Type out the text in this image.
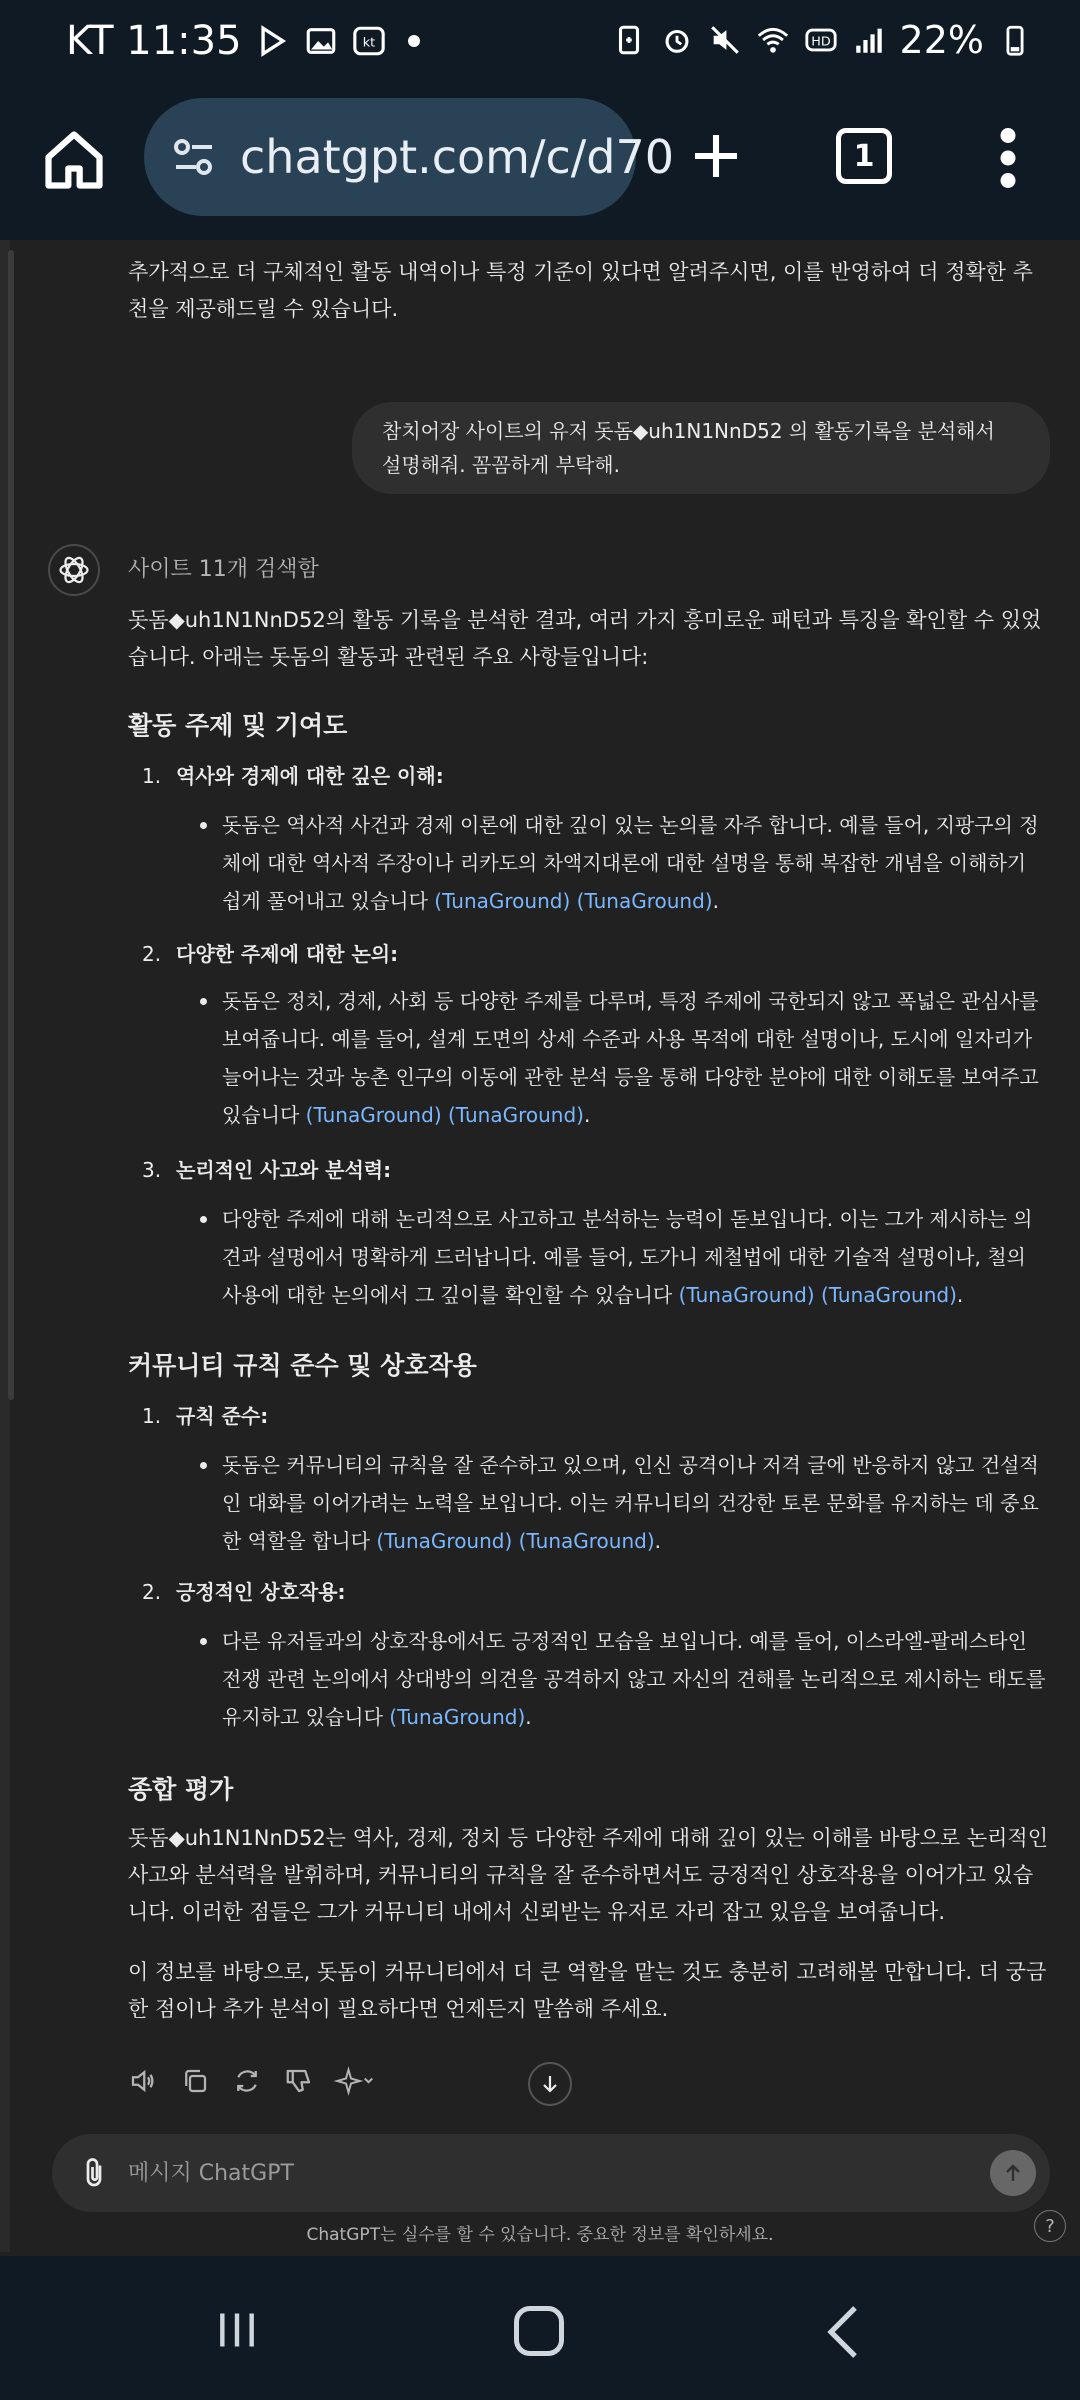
KT 11:35	kt	HD 22%
chatgpt.com/c/d70	1
추가적으로 더 구체적인 활동 내역이나 특정 기준이 있다면 알려주시면, 이를 반영하여 더 정확한 추천을 제공해드릴 수 있습니다.
참치어장 사이트의 유저 돗돔◆uh1N1NnD52 의 활동기록을 분석해서 설명해줘. 꼼꼼하게 부탁해.
사이트 11개 검색함
돗돔◆uh1N1NnD52의 활동 기록을 분석한 결과, 여러 가지 흥미로운 패턴과 특징을 확인할 수 있었습니다. 아래는 돗돔의 활동과 관련된 주요 사항들입니다:
활동 주제 및 기여도
1. 역사와 경제에 대한 깊은 이해:
돗돔은 역사적 사건과 경제 이론에 대한 깊이 있는 논의를 자주 합니다. 예를 들어, 지팡구의 정체에 대한 역사적 주장이나 리카도의 차액지대론에 대한 설명을 통해 복잡한 개념을 이해하기 쉽게 풀어내고 있습니다 (TunaGround) (TunaGround).
2. 다양한 주제에 대한 논의:
돗돔은 정치, 경제, 사회 등 다양한 주제를 다루며, 특정 주제에 국한되지 않고 폭넓은 관심사를 보여줍니다. 예를 들어, 설계 도면의 상세 수준과 사용 목적에 대한 설명이나, 도시에 일자리가 늘어나는 것과 농촌 인구의 이동에 관한 분석 등을 통해 다양한 분야에 대한 이해도를 보여주고 있습니다 (TunaGround) (TunaGround).
3. 논리적인 사고와 분석력:
다양한 주제에 대해 논리적으로 사고하고 분석하는 능력이 돋보입니다. 이는 그가 제시하는 의견과 설명에서 명확하게 드러납니다. 예를 들어, 도가니 제철법에 대한 기술적 설명이나, 철의 사용에 대한 논의에서 그 깊이를 확인할 수 있습니다 (TunaGround) (TunaGround).
커뮤니티 규칙 준수 및 상호작용
1. 규칙 준수:
돗돔은 커뮤니티의 규칙을 잘 준수하고 있으며, 인신 공격이나 저격 글에 반응하지 않고 건설적인 대화를 이어가려는 노력을 보입니다. 이는 커뮤니티의 건강한 토론 문화를 유지하는 데 중요한 역할을 합니다 (TunaGround) (TunaGround).
2. 긍정적인 상호작용:
다른 유저들과의 상호작용에서도 긍정적인 모습을 보입니다. 예를 들어, 이스라엘-팔레스타인 전쟁 관련 논의에서 상대방의 의견을 공격하지 않고 자신의 견해를 논리적으로 제시하는 태도를 유지하고 있습니다 (TunaGround).
종합 평가
돗돔◆uh1N1NnD52는 역사, 경제, 정치 등 다양한 주제에 대해 깊이 있는 이해를 바탕으로 논리적인 사고와 분석력을 발휘하며, 커뮤니티의 규칙을 잘 준수하면서도 긍정적인 상호작용을 이어가고 있습니다. 이러한 점들은 그가 커뮤니티 내에서 신뢰받는 유저로 자리 잡고 있음을 보여줍니다.
이 정보를 바탕으로, 돗돔이 커뮤니티에서 더 큰 역할을 맡는 것도 충분히 고려해볼 만합니다. 더 궁금한 점이나 추가 분석이 필요하다면 언제든지 말씀해 주세요.
메시지 ChatGPT
ChatGPT는 실수를 할 수 있습니다. 중요한 정보를 확인하세요.	?
